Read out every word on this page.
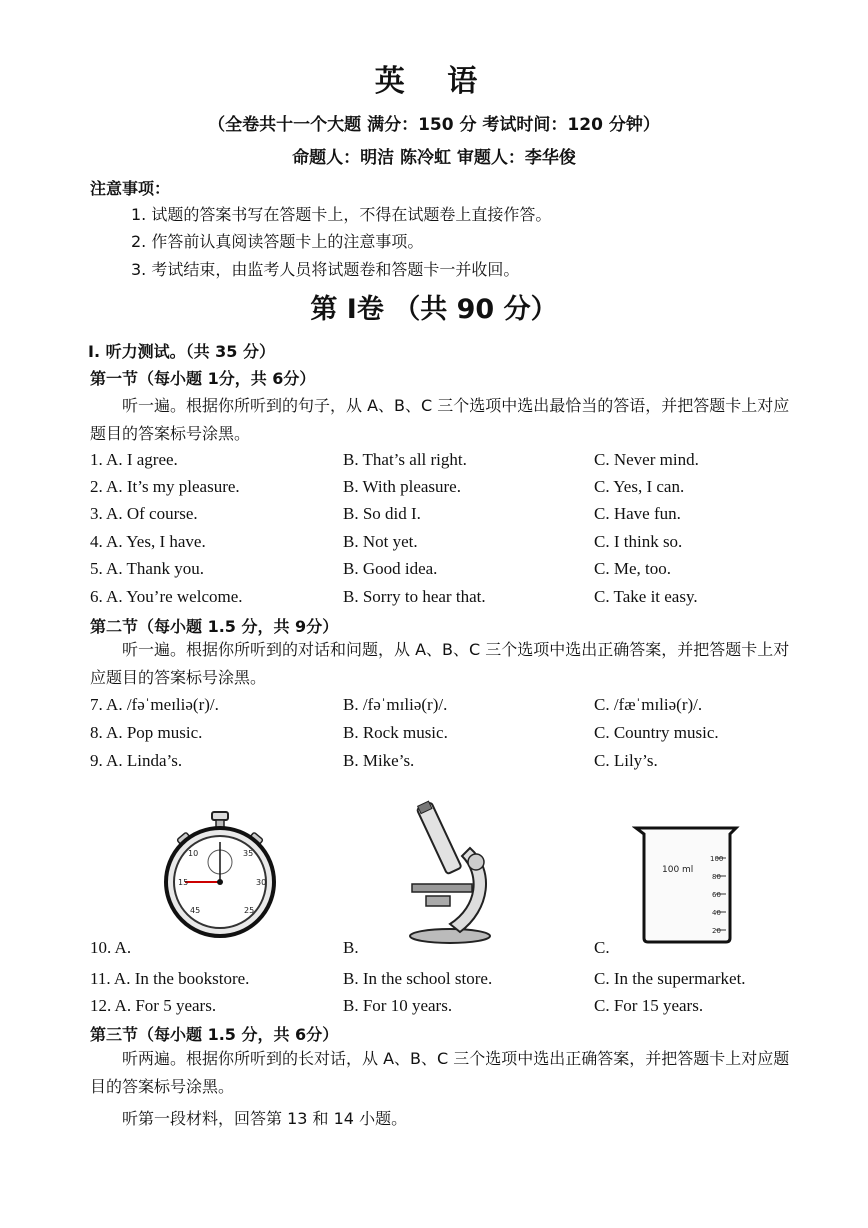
英 语
（全卷共十一个大题 满分：150 分 考试时间：120 分钟）
命题人：明洁 陈冷虹 审题人：李华俊
注意事项：
1. 试题的答案书写在答题卡上，不得在试题卷上直接作答。
2. 作答前认真阅读答题卡上的注意事项。
3. 考试结束，由监考人员将试题卷和答题卡一并收回。
第 I卷 （共 90 分）
I. 听力测试。（共 35 分）
第一节（每小题 1分，共 6分）
听一遍。根据你所听到的句子，从 A、B、C 三个选项中选出最恰当的答语，并把答题卡上对应题目的答案标号涂黑。
1. A. I agree.	B. That’s all right.	C. Never mind.
2. A. It’s my pleasure.	B. With pleasure.	C. Yes, I can.
3. A. Of course.	B. So did I.	C. Have fun.
4. A. Yes, I have.	B. Not yet.	C. I think so.
5. A. Thank you.	B. Good idea.	C. Me, too.
6. A. You’re welcome.	B. Sorry to hear that.	C. Take it easy.
第二节（每小题 1.5 分，共 9分）
听一遍。根据你所听到的对话和问题，从 A、B、C 三个选项中选出正确答案，并把答题卡上对应题目的答案标号涂黑。
7. A. /fəˈmeɪliə(r)/.	B. /fəˈmɪliə(r)/.	C. /fæˈmɪliə(r)/.
8. A. Pop music.	B. Rock music.	C. Country music.
9. A. Linda’s.	B. Mike’s.	C. Lily’s.
35
30
25
45
15
10
100 ml
100
80
60
40
20
10. A.	B.	C.
11. A. In the bookstore.	B. In the school store.	C. In the supermarket.
12. A. For 5 years.	B. For 10 years.	C. For 15 years.
第三节（每小题 1.5 分，共 6分）
听两遍。根据你所听到的长对话，从 A、B、C 三个选项中选出正确答案，并把答题卡上对应题目的答案标号涂黑。
听第一段材料，回答第 13 和 14 小题。
